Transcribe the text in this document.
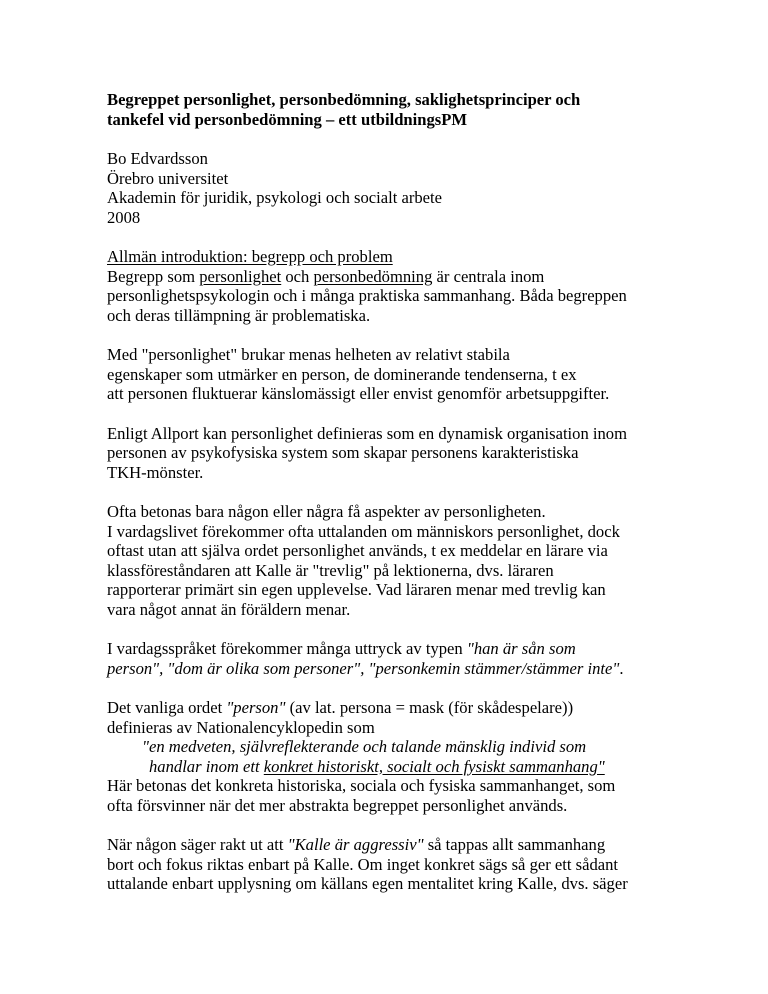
Begreppet personlighet, personbedömning, saklighetsprinciper och
tankefel vid personbedömning – ett utbildningsPM

Bo Edvardsson
Örebro universitet
Akademin för juridik, psykologi och socialt arbete
2008

Allmän introduktion: begrepp och problem
Begrepp som personlighet och personbedömning är centrala inom
personlighetspsykologin och i många praktiska sammanhang. Båda begreppen
och deras tillämpning är problematiska.

Med "personlighet" brukar menas helheten av relativt stabila
egenskaper som utmärker en person, de dominerande tendenserna, t ex
att personen fluktuerar känslomässigt eller envist genomför arbetsuppgifter.

Enligt Allport kan personlighet definieras som en dynamisk organisation inom
personen av psykofysiska system som skapar personens karakteristiska
TKH-mönster.

Ofta betonas bara någon eller några få aspekter av personligheten.
I vardagslivet förekommer ofta uttalanden om människors personlighet, dock
oftast utan att själva ordet personlighet används, t ex meddelar en lärare via
klassföreståndaren att Kalle är "trevlig" på lektionerna, dvs. läraren
rapporterar primärt sin egen upplevelse. Vad läraren menar med trevlig kan
vara något annat än föräldern menar.

I vardagsspråket förekommer många uttryck av typen "han är sån som
person", "dom är olika som personer", "personkemin stämmer/stämmer inte".

Det vanliga ordet "person" (av lat. persona = mask (för skådespelare))
definieras av Nationalencyklopedin som
"en medveten, självreflekterande och talande mänsklig individ som
handlar inom ett konkret historiskt, socialt och fysiskt sammanhang"
Här betonas det konkreta historiska, sociala och fysiska sammanhanget, som
ofta försvinner när det mer abstrakta begreppet personlighet används.

När någon säger rakt ut att "Kalle är aggressiv" så tappas allt sammanhang
bort och fokus riktas enbart på Kalle. Om inget konkret sägs så ger ett sådant
uttalande enbart upplysning om källans egen mentalitet kring Kalle, dvs. säger
